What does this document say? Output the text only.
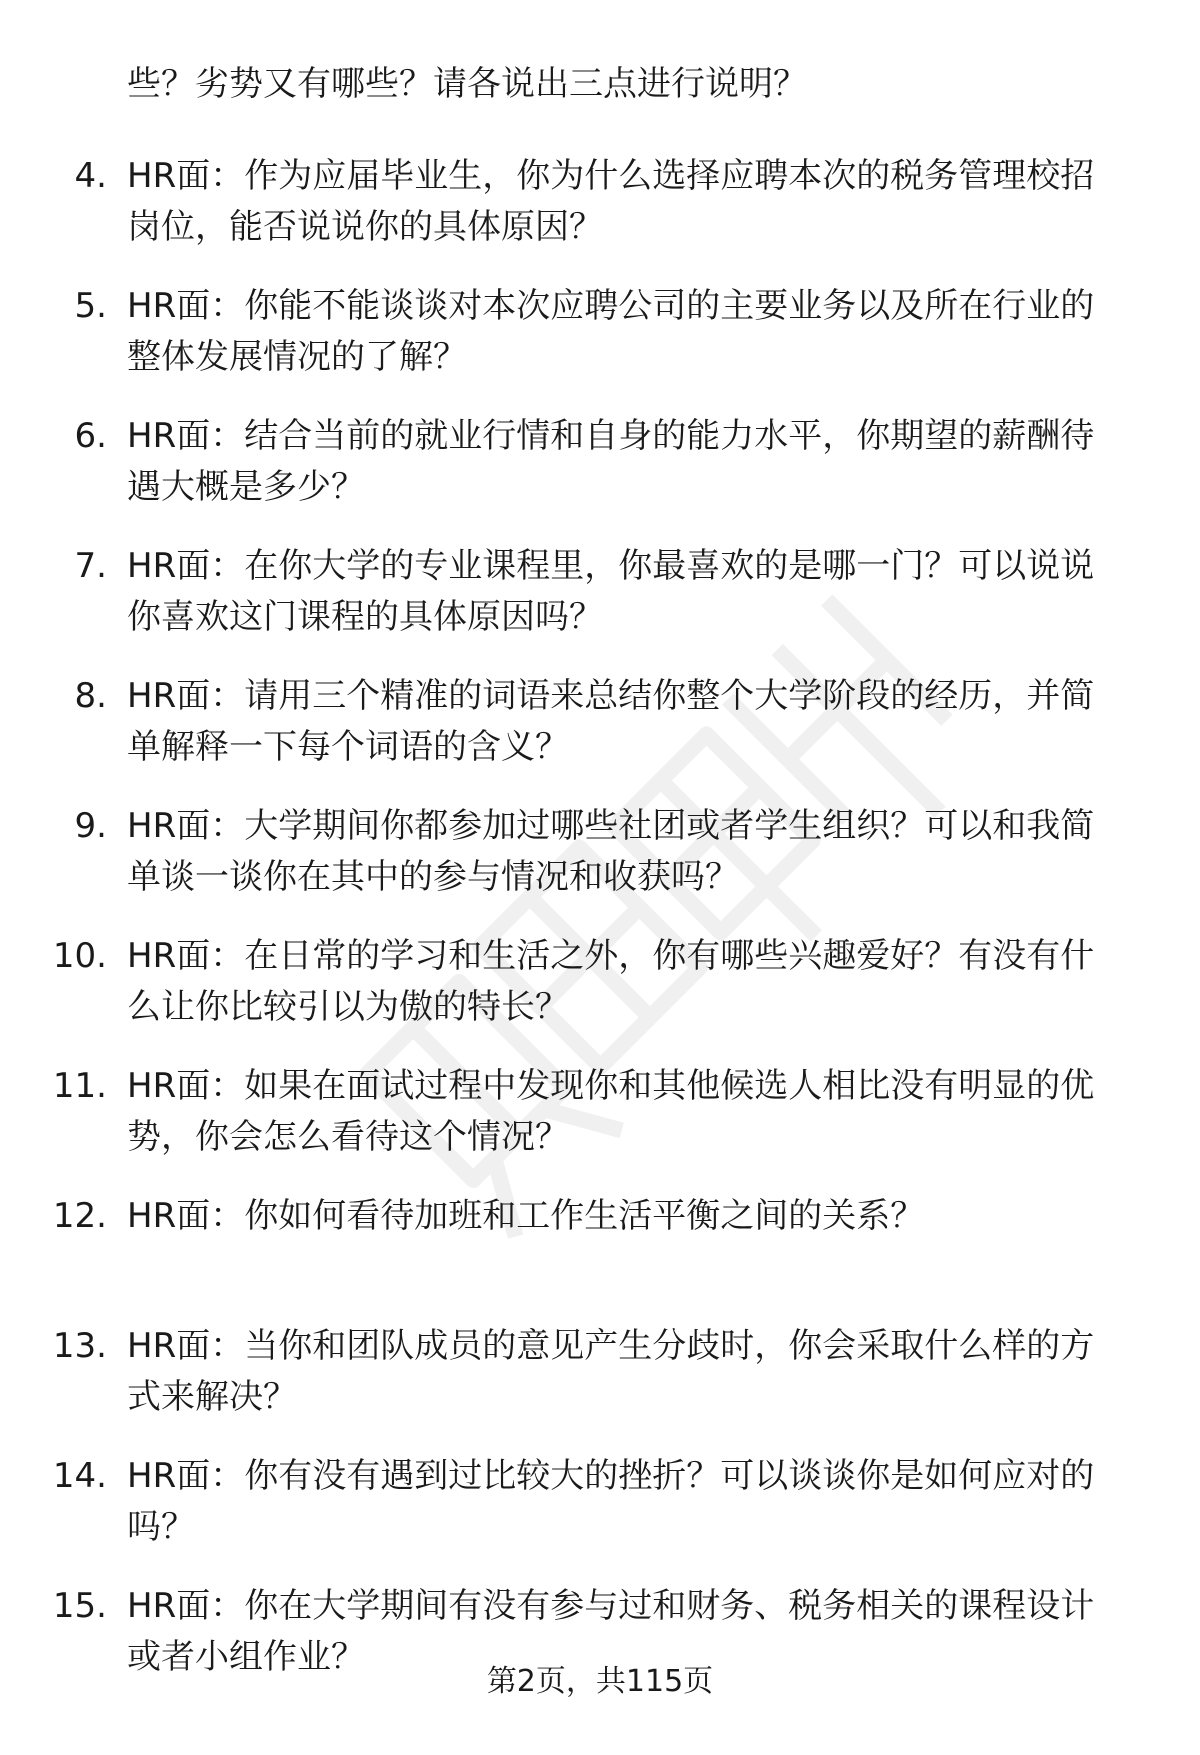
些？劣势又有哪些？请各说出三点进行说明？
4. HR面：作为应届毕业生，你为什么选择应聘本次的税务管理校招
岗位，能否说说你的具体原因？
5. HR面：你能不能谈谈对本次应聘公司的主要业务以及所在行业的
整体发展情况的了解？
6. HR面：结合当前的就业行情和自身的能力水平，你期望的薪酬待
遇大概是多少？
7. HR面：在你大学的专业课程里，你最喜欢的是哪一门？可以说说
你喜欢这门课程的具体原因吗？
8. HR面：请用三个精准的词语来总结你整个大学阶段的经历，并简
单解释一下每个词语的含义？
9. HR面：大学期间你都参加过哪些社团或者学生组织？可以和我简
单谈一谈你在其中的参与情况和收获吗？
10. HR面：在日常的学习和生活之外，你有哪些兴趣爱好？有没有什
么让你比较引以为傲的特长？
11. HR面：如果在面试过程中发现你和其他候选人相比没有明显的优
势，你会怎么看待这个情况？
12. HR面：你如何看待加班和工作生活平衡之间的关系？
13. HR面：当你和团队成员的意见产生分歧时，你会采取什么样的方
式来解决？
14. HR面：你有没有遇到过比较大的挫折？可以谈谈你是如何应对的
吗？
15. HR面：你在大学期间有没有参与过和财务、税务相关的课程设计
或者小组作业？
第2页，共115页
